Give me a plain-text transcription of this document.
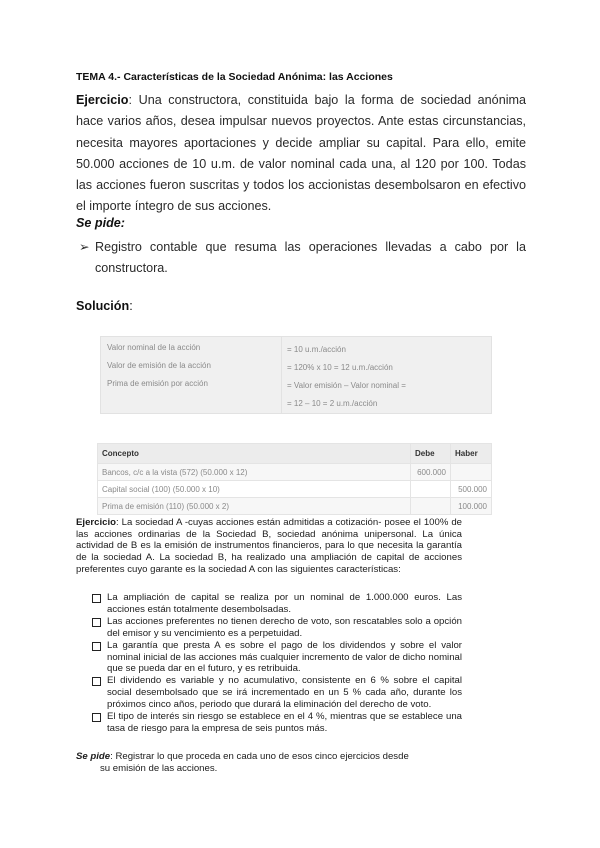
TEMA 4.- Características de la Sociedad Anónima: las Acciones
Ejercicio: Una constructora, constituida bajo la forma de sociedad anónima hace varios años, desea impulsar nuevos proyectos. Ante estas circunstancias, necesita mayores aportaciones y decide ampliar su capital. Para ello, emite 50.000 acciones de 10 u.m. de valor nominal cada una, al 120 por 100. Todas las acciones fueron suscritas y todos los accionistas desembolsaron en efectivo el importe íntegro de sus acciones.
Se pide:
➢ Registro contable que resuma las operaciones llevadas a cabo por la constructora.
Solución:
Valor nominal de la acción	= 10 u.m./acción
Valor de emisión de la acción	= 120% x 10 = 12 u.m./acción
Prima de emisión por acción	= Valor emisión – Valor nominal =
= 12 – 10 = 2 u.m./acción
Concepto	Debe	Haber
Bancos, c/c a la vista (572) (50.000 x 12)	600.000	
Capital social (100) (50.000 x 10)		500.000
Prima de emisión (110) (50.000 x 2)		100.000
Ejercicio: La sociedad A -cuyas acciones están admitidas a cotización- posee el 100% de las acciones ordinarias de la Sociedad B, sociedad anónima unipersonal. La única actividad de B es la emisión de instrumentos financieros, para lo que necesita la garantía de la sociedad A. La sociedad B, ha realizado una ampliación de capital de acciones preferentes cuyo garante es la sociedad A con las siguientes características:
La ampliación de capital se realiza por un nominal de 1.000.000 euros. Las acciones están totalmente desembolsadas.
Las acciones preferentes no tienen derecho de voto, son rescatables solo a opción del emisor y su vencimiento es a perpetuidad.
La garantía que presta A es sobre el pago de los dividendos y sobre el valor nominal inicial de las acciones más cualquier incremento de valor de dicho nominal que se pueda dar en el futuro, y es retribuida.
El dividendo es variable y no acumulativo, consistente en 6 % sobre el capital social desembolsado que se irá incrementado en un 5 % cada año, durante los próximos cinco años, periodo que durará la eliminación del derecho de voto.
El tipo de interés sin riesgo se establece en el 4 %, mientras que se establece una tasa de riesgo para la empresa de seis puntos más.
Se pide: Registrar lo que proceda en cada uno de esos cinco ejercicios desde
su emisión de las acciones.
